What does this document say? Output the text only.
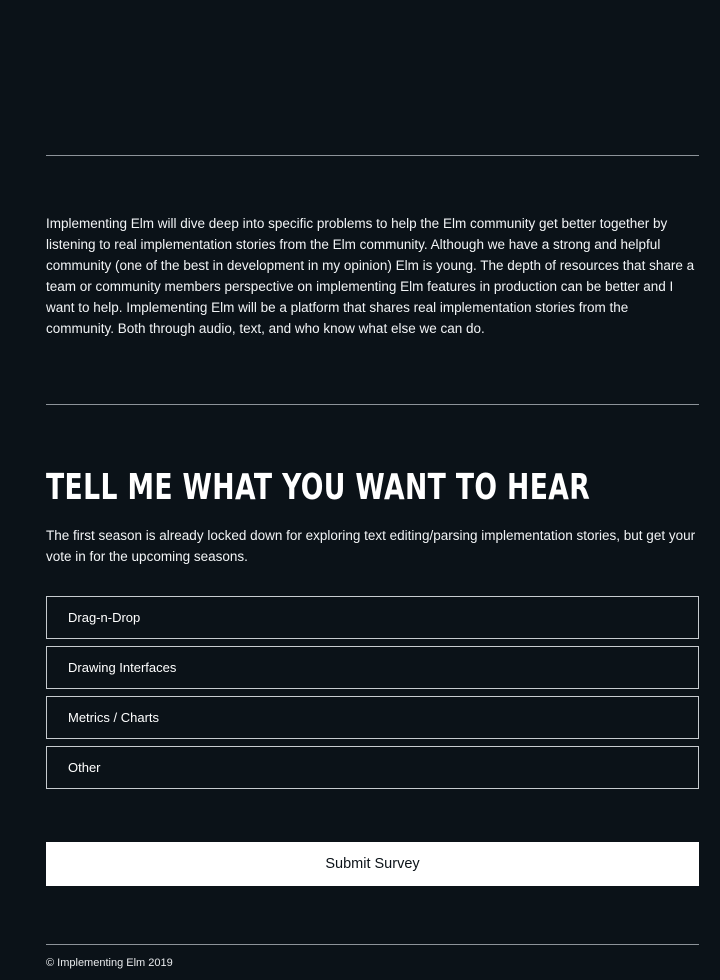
Implementing Elm will dive deep into specific problems to help the Elm community get better together by listening to real implementation stories from the Elm community. Although we have a strong and helpful community (one of the best in development in my opinion) Elm is young. The depth of resources that share a team or community members perspective on implementing Elm features in production can be better and I want to help. Implementing Elm will be a platform that shares real implementation stories from the community. Both through audio, text, and who know what else we can do.

TELL ME WHAT YOU WANT TO HEAR

The first season is already locked down for exploring text editing/parsing implementation stories, but get your vote in for the upcoming seasons.

Drag-n-Drop
Drawing Interfaces
Metrics / Charts
Other
Submit Survey

© Implementing Elm 2019
